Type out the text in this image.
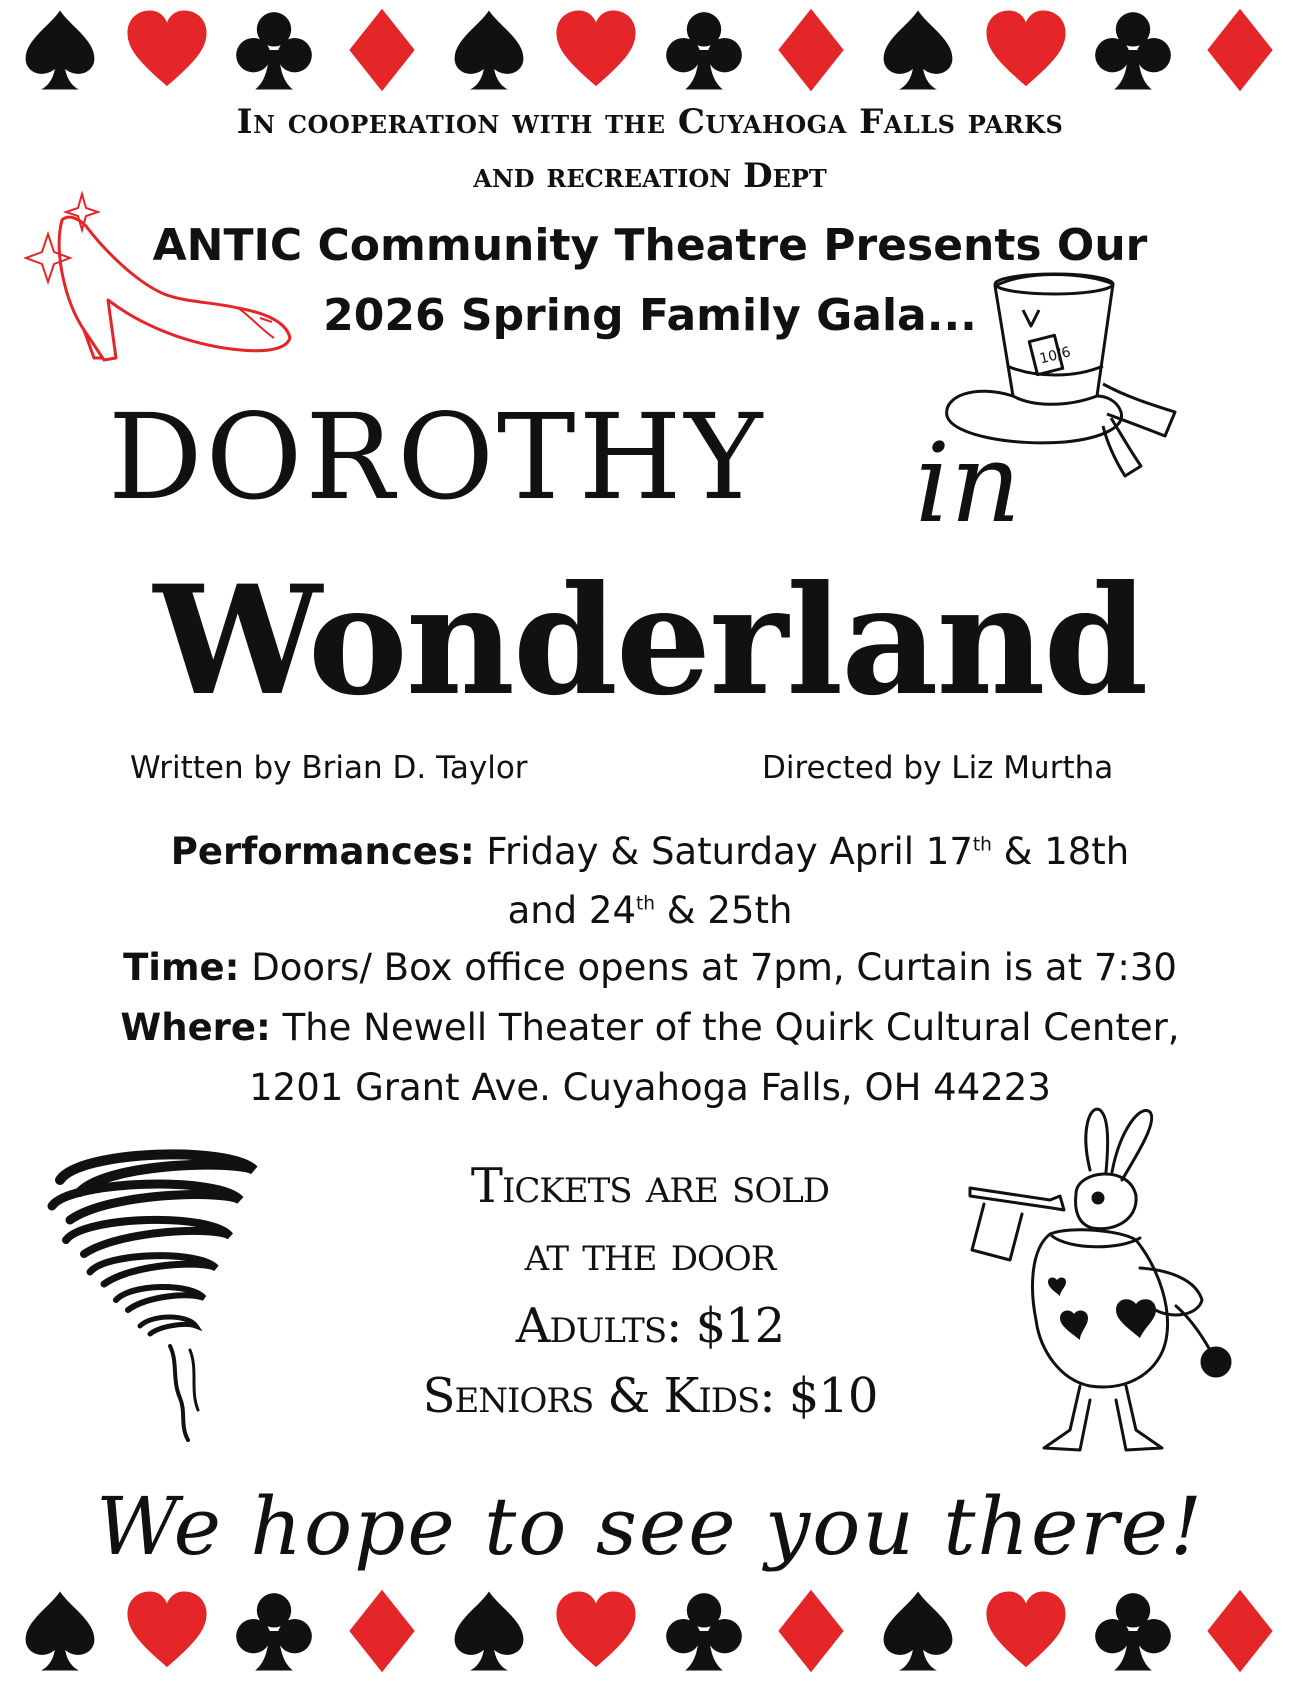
In cooperation with the Cuyahoga Falls parks
and recreation Dept
ANTIC Community Theatre Presents Our
2026 Spring Family Gala...
10/6
DOROTHY in
Wonderland
Written by Brian D. Taylor	Directed by Liz Murtha
Performances: Friday & Saturday April 17th & 18th
and 24th & 25th
Time: Doors/ Box office opens at 7pm, Curtain is at 7:30
Where: The Newell Theater of the Quirk Cultural Center,
1201 Grant Ave. Cuyahoga Falls, OH 44223
Tickets are sold
at the door
Adults: $12
Seniors & Kids: $10
We hope to see you there!
